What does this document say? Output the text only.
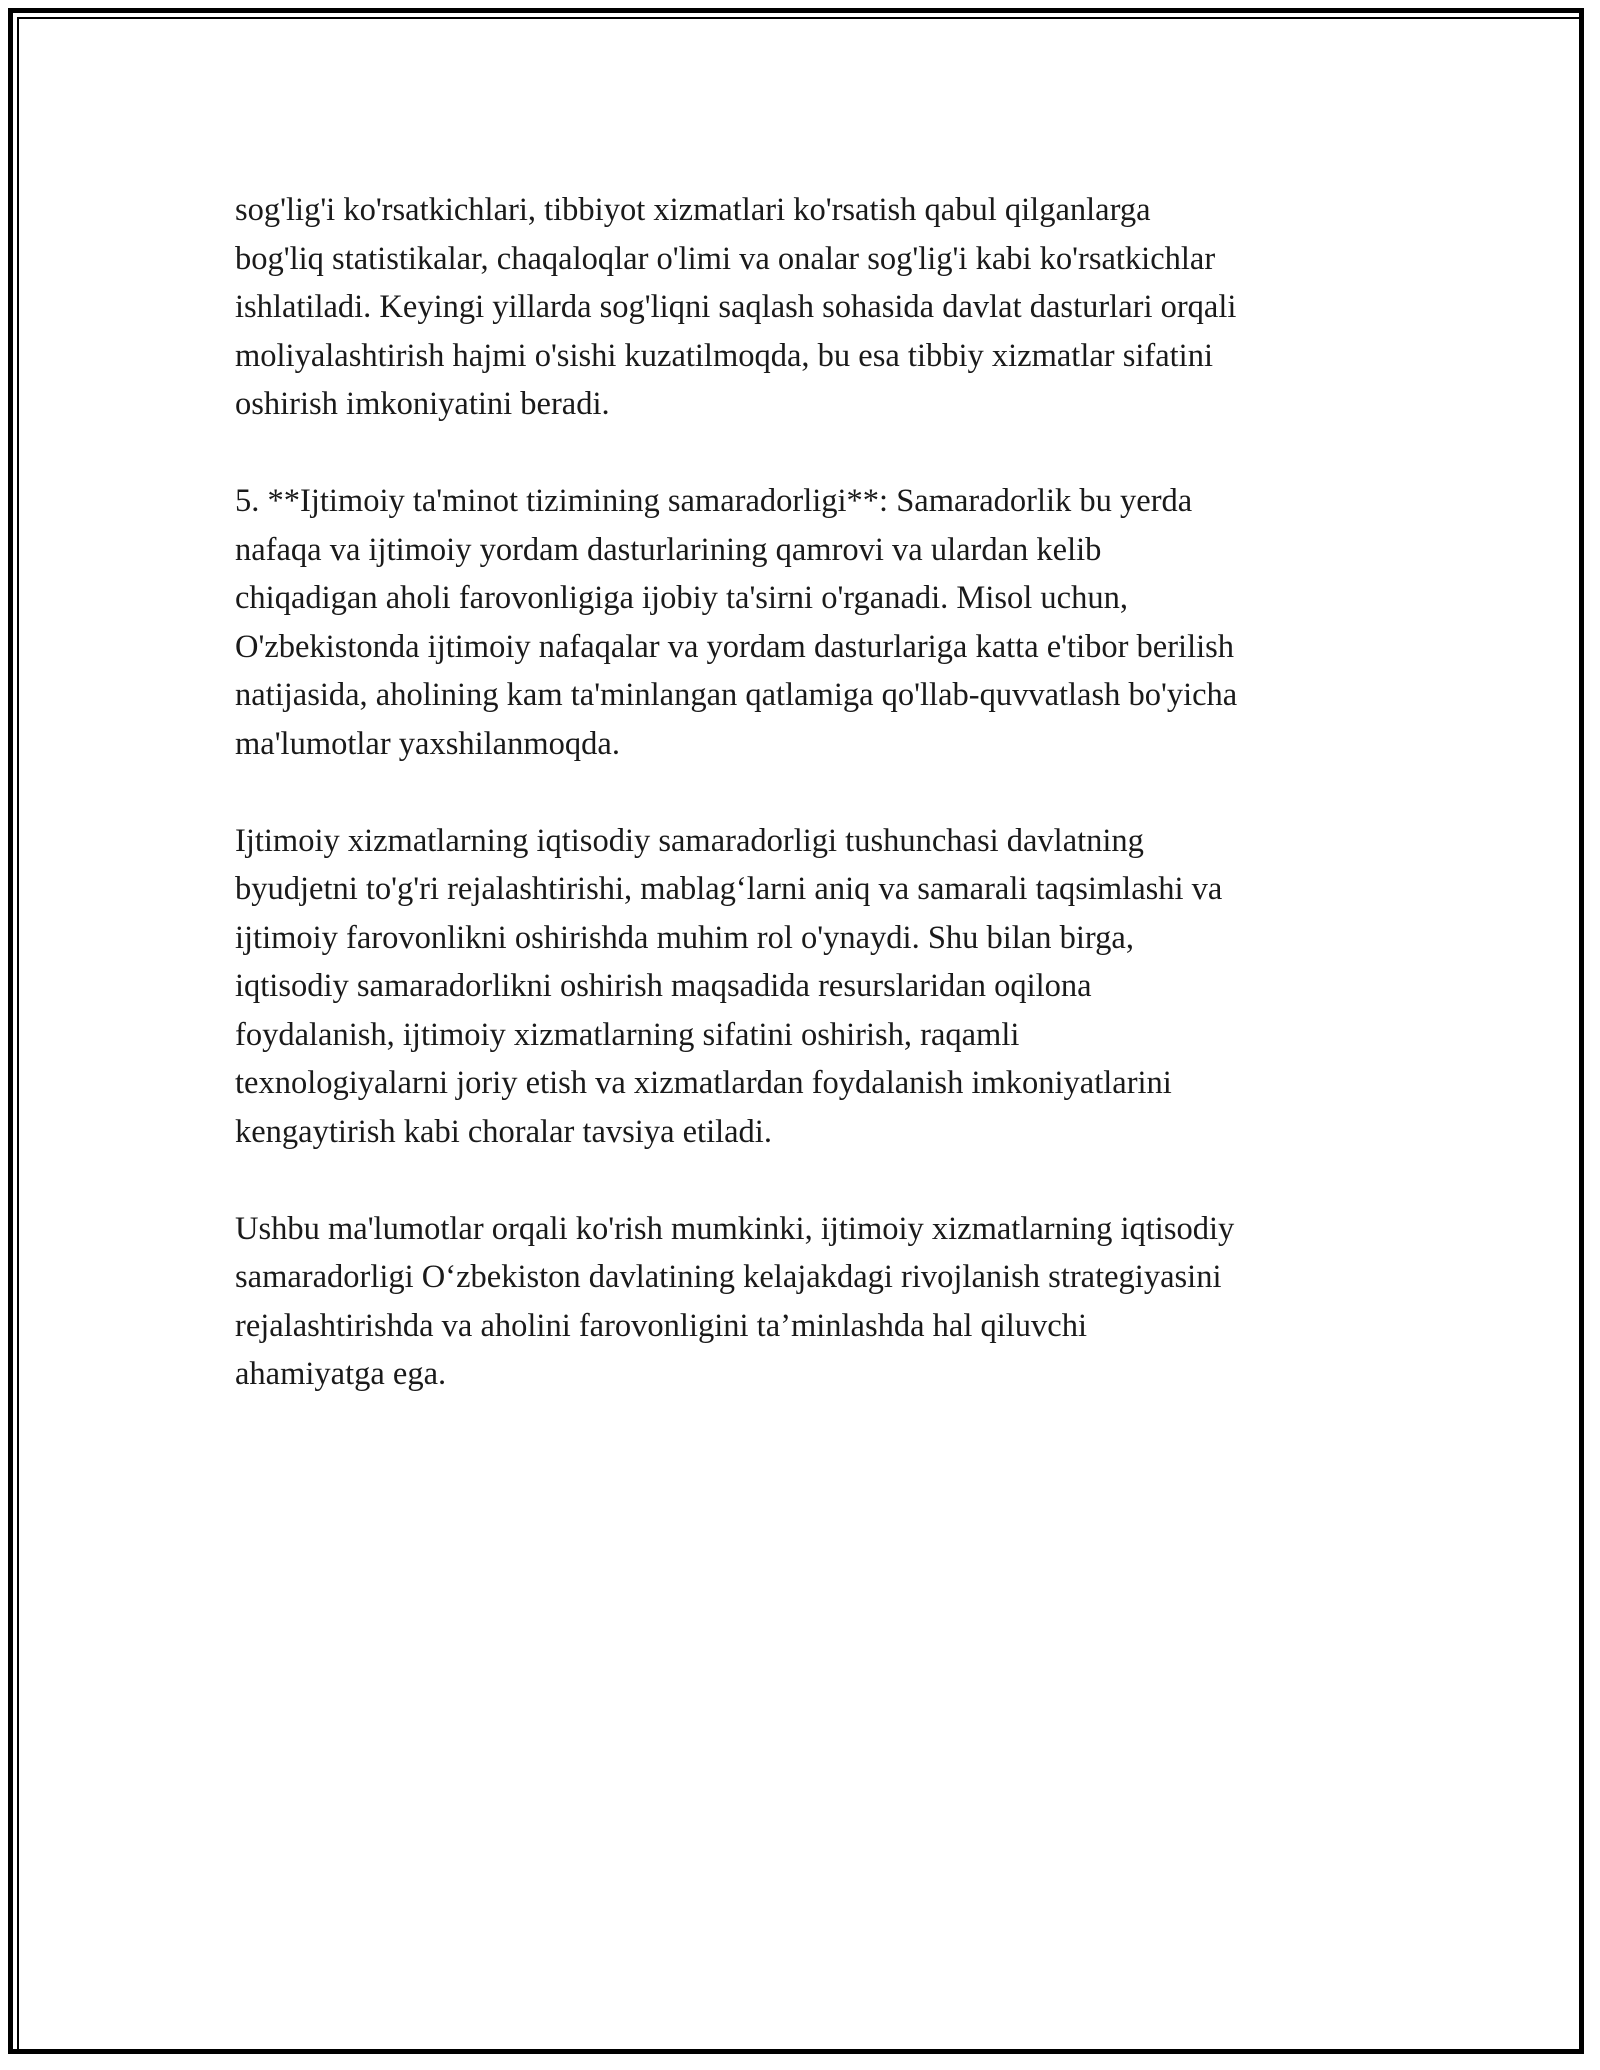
sog'lig'i ko'rsatkichlari, tibbiyot xizmatlari ko'rsatish qabul qilganlarga
bog'liq statistikalar, chaqaloqlar o'limi va onalar sog'lig'i kabi ko'rsatkichlar
ishlatiladi. Keyingi yillarda sog'liqni saqlash sohasida davlat dasturlari orqali
moliyalashtirish hajmi o'sishi kuzatilmoqda, bu esa tibbiy xizmatlar sifatini
oshirish imkoniyatini beradi.

5. **Ijtimoiy ta'minot tizimining samaradorligi**: Samaradorlik bu yerda
nafaqa va ijtimoiy yordam dasturlarining qamrovi va ulardan kelib
chiqadigan aholi farovonligiga ijobiy ta'sirni o'rganadi. Misol uchun,
O'zbekistonda ijtimoiy nafaqalar va yordam dasturlariga katta e'tibor berilish
natijasida, aholining kam ta'minlangan qatlamiga qo'llab-quvvatlash bo'yicha
ma'lumotlar yaxshilanmoqda.

Ijtimoiy xizmatlarning iqtisodiy samaradorligi tushunchasi davlatning
byudjetni to'g'ri rejalashtirishi, mablag‘larni aniq va samarali taqsimlashi va
ijtimoiy farovonlikni oshirishda muhim rol o'ynaydi. Shu bilan birga,
iqtisodiy samaradorlikni oshirish maqsadida resurslaridan oqilona
foydalanish, ijtimoiy xizmatlarning sifatini oshirish, raqamli
texnologiyalarni joriy etish va xizmatlardan foydalanish imkoniyatlarini
kengaytirish kabi choralar tavsiya etiladi.

Ushbu ma'lumotlar orqali ko'rish mumkinki, ijtimoiy xizmatlarning iqtisodiy
samaradorligi O‘zbekiston davlatining kelajakdagi rivojlanish strategiyasini
rejalashtirishda va aholini farovonligini ta’minlashda hal qiluvchi
ahamiyatga ega.
